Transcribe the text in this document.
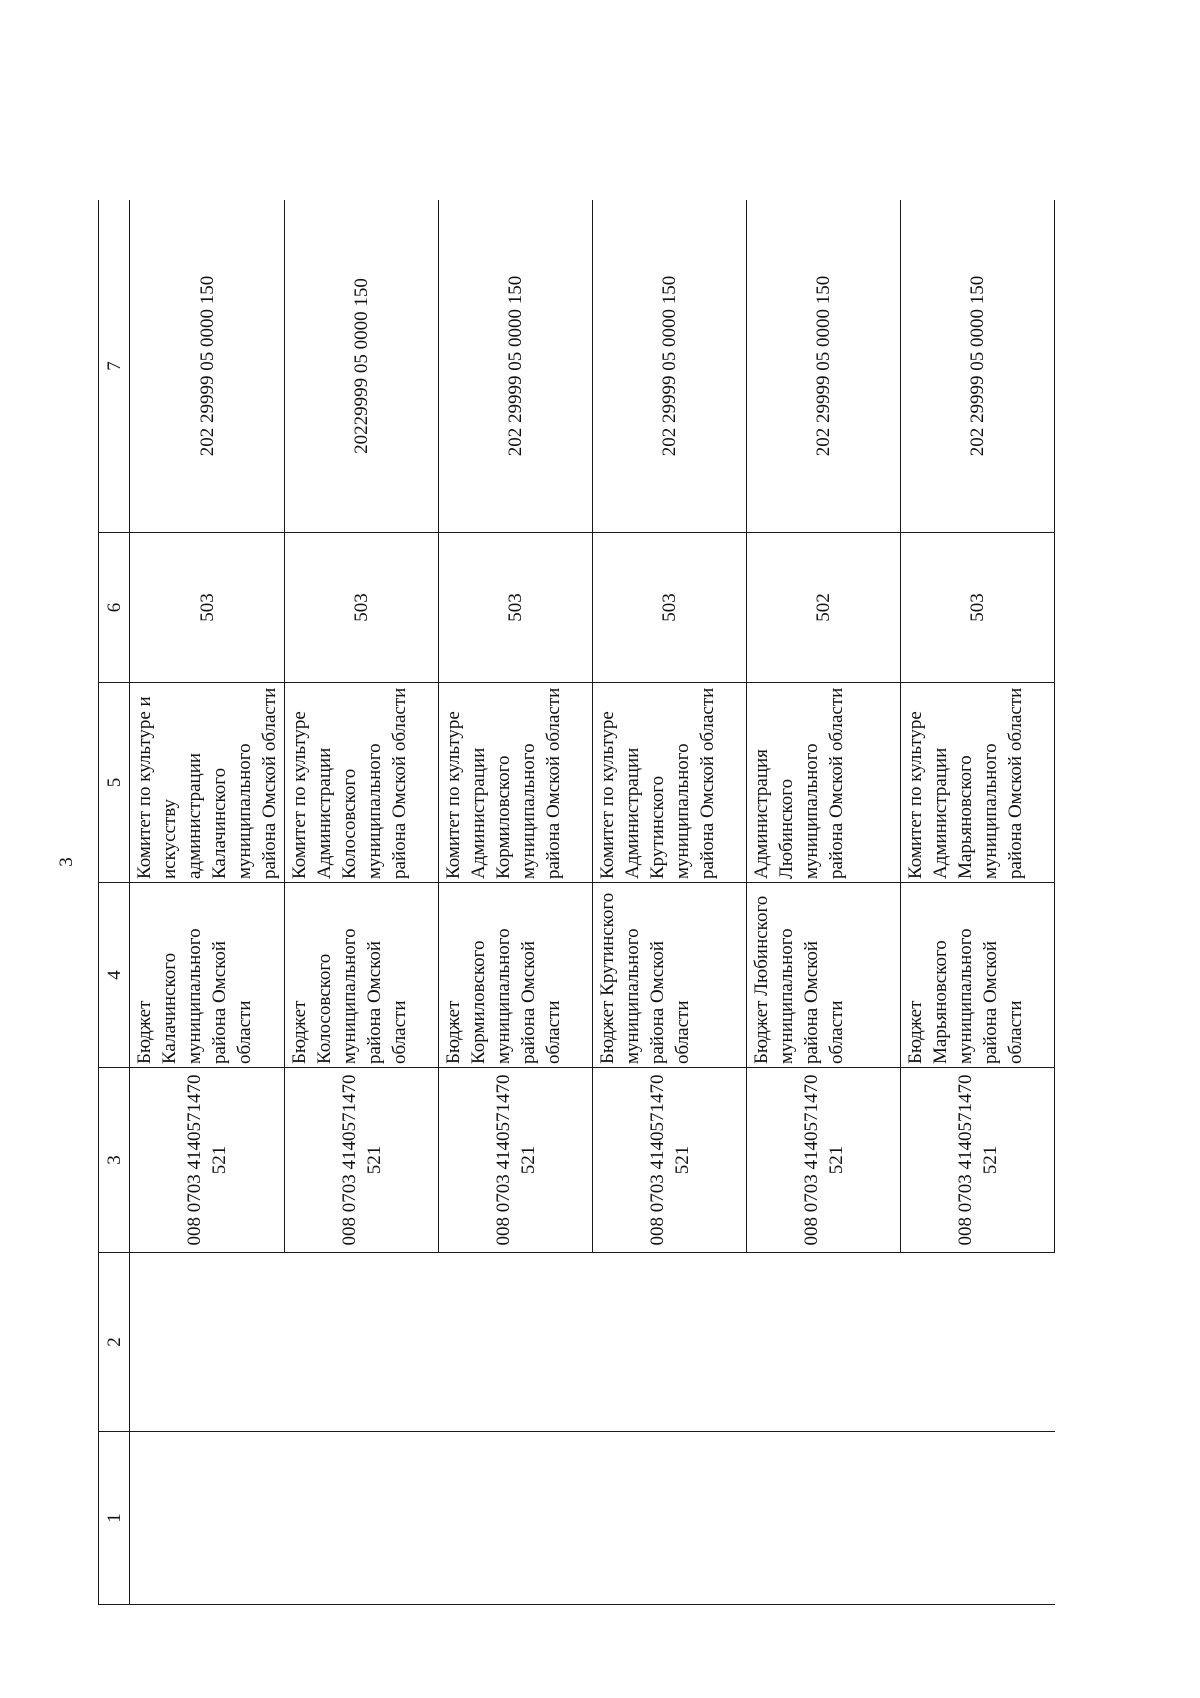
3
1	2	3	4	5	6	7
		008 0703 4140571470 521	Бюджет Калачинского муниципального района Омской области	Комитет по культуре и искусству администрации Калачинского муниципального района Омской области	503	202 29999 05 0000 150
		008 0703 4140571470 521	Бюджет Колосовского муниципального района Омской области	Комитет по культуре Администрации Колосовского муниципального района Омской области	503	20229999 05 0000 150
		008 0703 4140571470 521	Бюджет Кормиловского муниципального района Омской области	Комитет по культуре Администрации Кормиловского муниципального района Омской области	503	202 29999 05 0000 150
		008 0703 4140571470 521	Бюджет Крутинского муниципального района Омской области	Комитет по культуре Администрации Крутинского муниципального района Омской области	503	202 29999 05 0000 150
		008 0703 4140571470 521	Бюджет Любинского муниципального района Омской области	Администрация Любинского муниципального района Омской области	502	202 29999 05 0000 150
		008 0703 4140571470 521	Бюджет Марьяновского муниципального района Омской области	Комитет по культуре Администрации Марьяновского муниципального района Омской области	503	202 29999 05 0000 150
